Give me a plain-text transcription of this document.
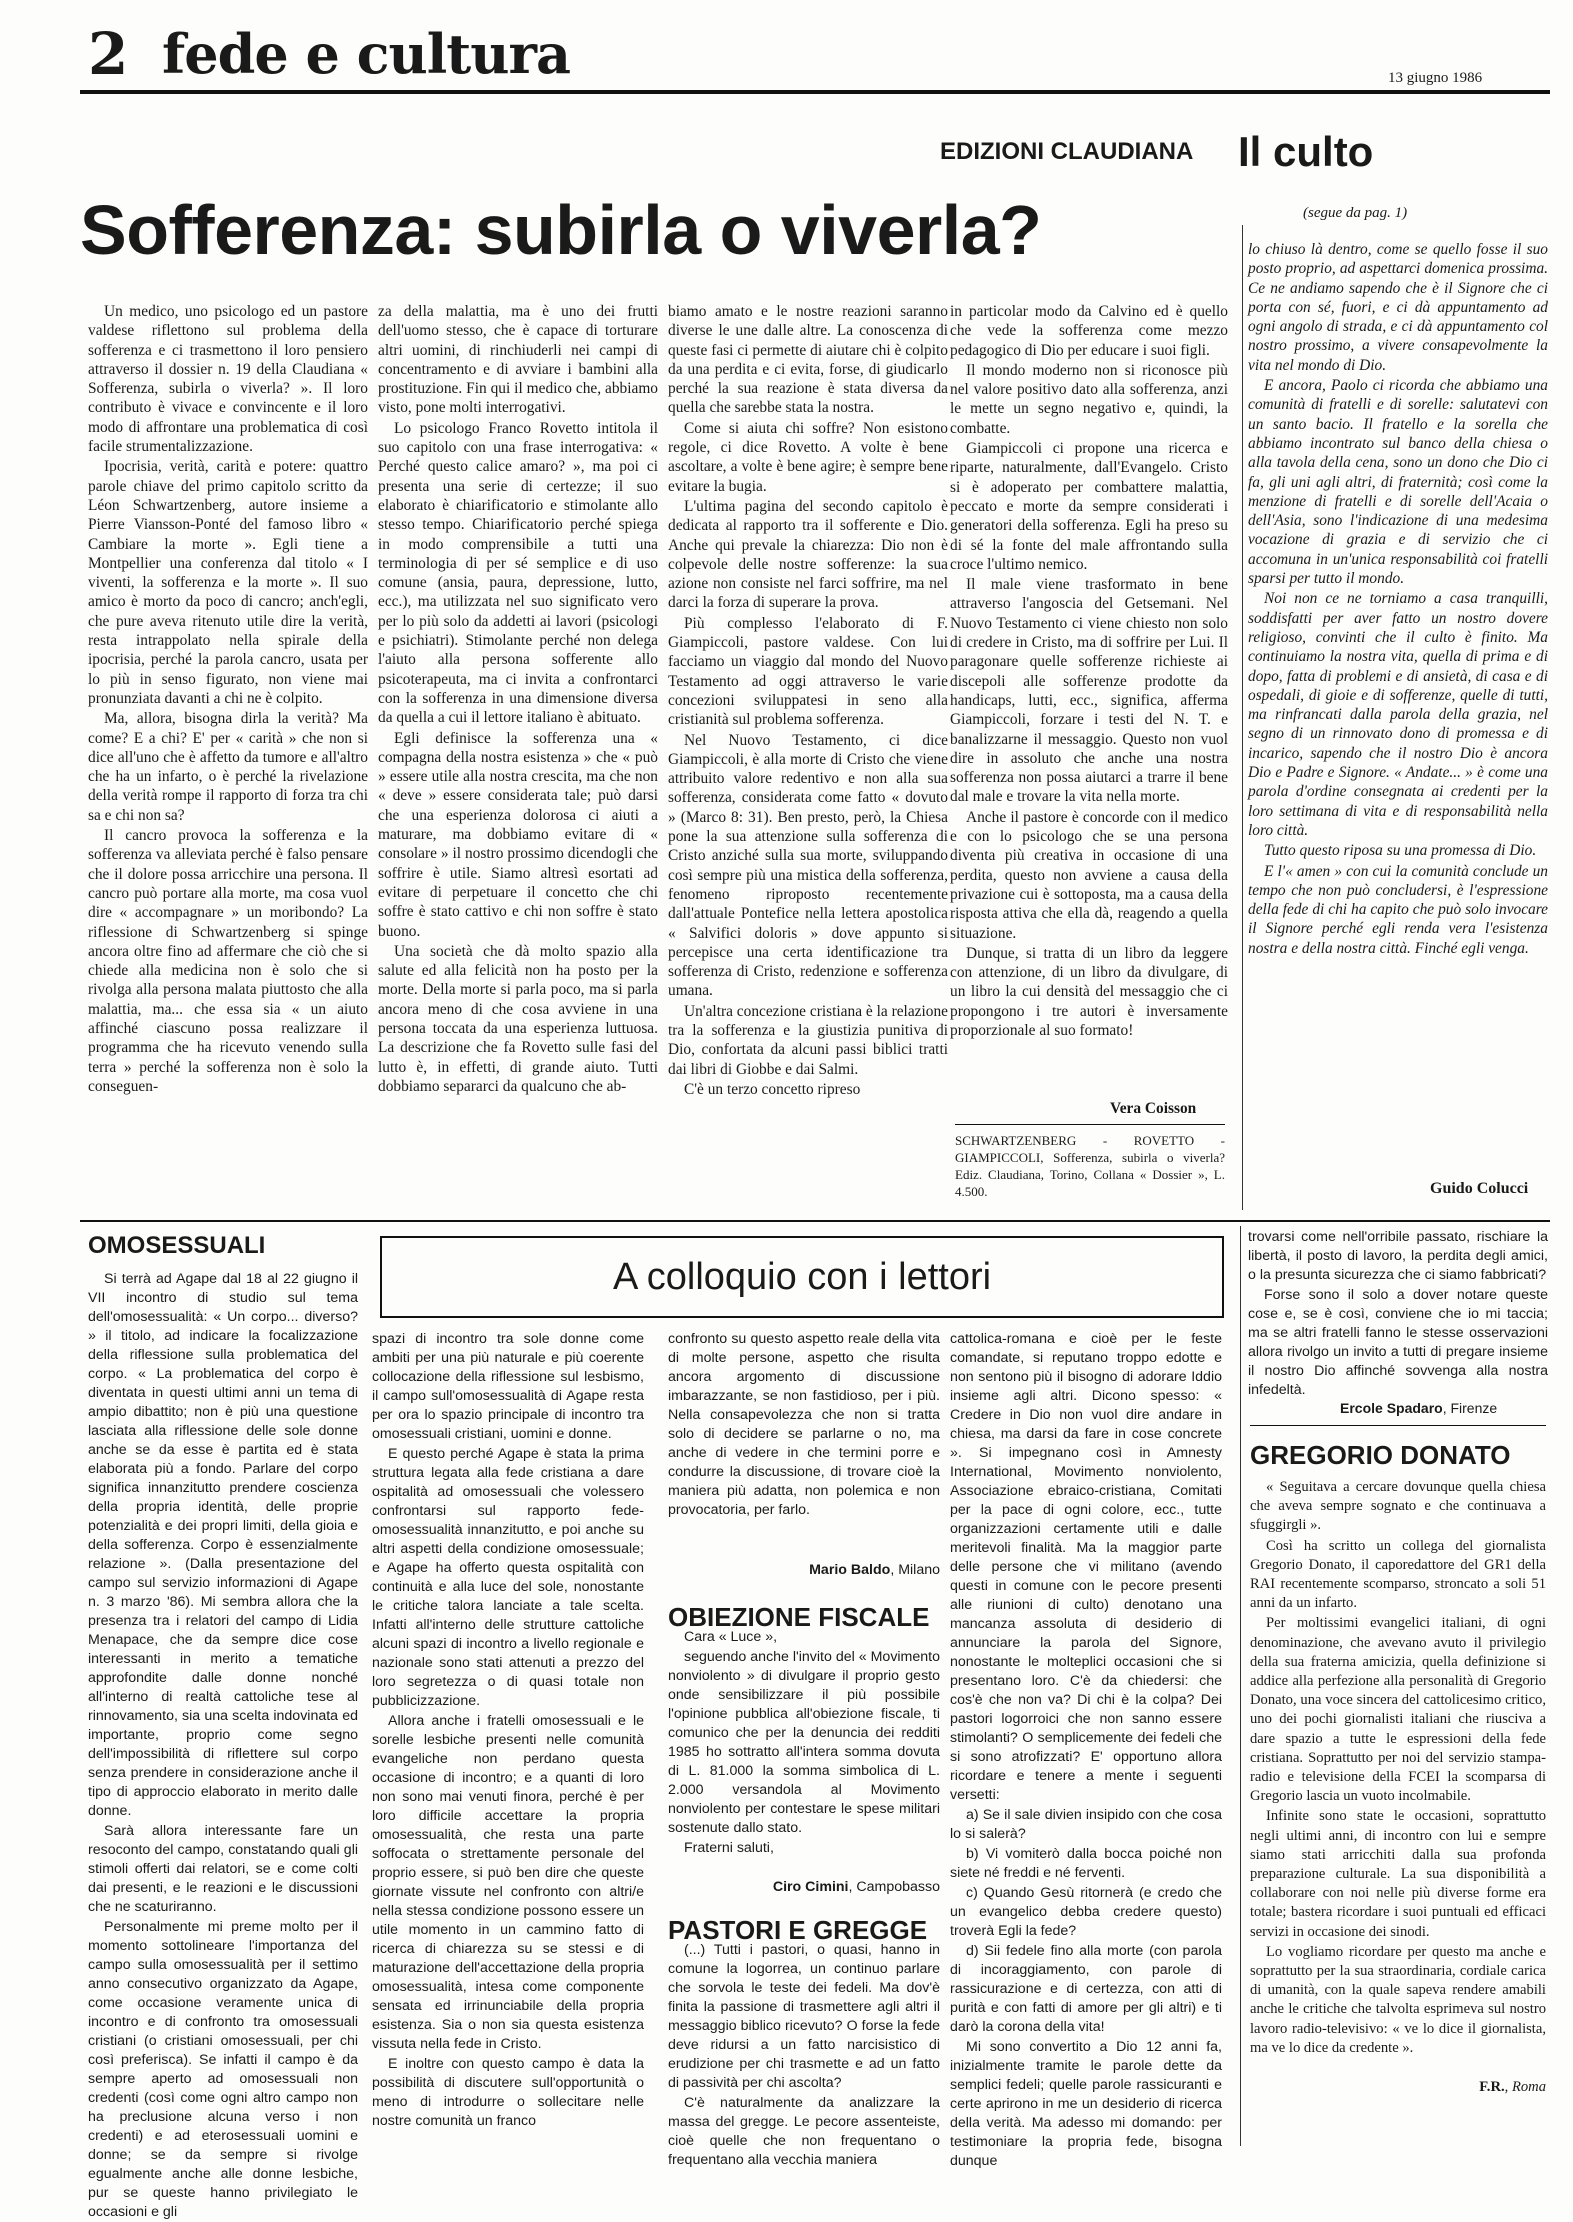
2 fede e cultura	13 giugno 1986
EDIZIONI CLAUDIANA Il culto
(segue da pag. 1)

lo chiuso là dentro, come se quello fosse il suo posto proprio, ad aspettarci domenica prossima. Ce ne andiamo sapendo che è il Signore che ci porta con sé, fuori, e ci dà appuntamento ad ogni angolo di strada, e ci dà appuntamento col nostro prossimo, a vivere consapevolmente la vita nel mondo di Dio.

E ancora, Paolo ci ricorda che abbiamo una comunità di fratelli e di sorelle: salutatevi con un santo bacio. Il fratello e la sorella che abbiamo incontrato sul banco della chiesa o alla tavola della cena, sono un dono che Dio ci fa, gli uni agli altri, di fraternità; così come la menzione di fratelli e di sorelle dell'Acaia o dell'Asia, sono l'indicazione di una medesima vocazione di grazia e di servizio che ci accomuna in un'unica responsabilità coi fratelli sparsi per tutto il mondo.

Noi non ce ne torniamo a casa tranquilli, soddisfatti per aver fatto un nostro dovere religioso, convinti che il culto è finito. Ma continuiamo la nostra vita, quella di prima e di dopo, fatta di problemi e di ansietà, di casa e di ospedali, di gioie e di sofferenze, quelle di tutti, ma rinfrancati dalla parola della grazia, nel segno di un rinnovato dono di promessa e di incarico, sapendo che il nostro Dio è ancora Dio e Padre e Signore. « Andate... » è come una parola d'ordine consegnata ai credenti per la loro settimana di vita e di responsabilità nella loro città.

Tutto questo riposa su una promessa di Dio.

E l'« amen » con cui la comunità conclude un tempo che non può concludersi, è l'espressione della fede di chi ha capito che può solo invocare il Signore perché egli renda vera l'esistenza nostra e della nostra città. Finché egli venga.

Guido Colucci
Sofferenza: subirla o viverla?

Un medico, uno psicologo ed un pastore valdese riflettono sul problema della sofferenza e ci trasmettono il loro pensiero attraverso il dossier n. 19 della Claudiana « Sofferenza, subirla o viverla? ». Il loro contributo è vivace e convincente e il loro modo di affrontare una problematica di così facile strumentalizzazione.

Ipocrisia, verità, carità e potere: quattro parole chiave del primo capitolo scritto da Léon Schwartzenberg, autore insieme a Pierre Viansson-Ponté del famoso libro « Cambiare la morte ». Egli tiene a Montpellier una conferenza dal titolo « I viventi, la sofferenza e la morte ». Il suo amico è morto da poco di cancro; anch'egli, che pure aveva ritenuto utile dire la verità, resta intrappolato nella spirale della ipocrisia, perché la parola cancro, usata per lo più in senso figurato, non viene mai pronunziata davanti a chi ne è colpito.

Ma, allora, bisogna dirla la verità? Ma come? E a chi? E' per « carità » che non si dice all'uno che è affetto da tumore e all'altro che ha un infarto, o è perché la rivelazione della verità rompe il rapporto di forza tra chi sa e chi non sa?

Il cancro provoca la sofferenza e la sofferenza va alleviata perché è falso pensare che il dolore possa arricchire una persona. Il cancro può portare alla morte, ma cosa vuol dire « accompagnare » un moribondo? La riflessione di Schwartzenberg si spinge ancora oltre fino ad affermare che ciò che si chiede alla medicina non è solo che si rivolga alla persona malata piuttosto che alla malattia, ma... che essa sia « un aiuto affinché ciascuno possa realizzare il programma che ha ricevuto venendo sulla terra » perché la sofferenza non è solo la conseguen-

za della malattia, ma è uno dei frutti dell'uomo stesso, che è capace di torturare altri uomini, di rinchiuderli nei campi di concentramento e di avviare i bambini alla prostituzione. Fin qui il medico che, abbiamo visto, pone molti interrogativi.

Lo psicologo Franco Rovetto intitola il suo capitolo con una frase interrogativa: « Perché questo calice amaro? », ma poi ci presenta una serie di certezze; il suo elaborato è chiarificatorio e stimolante allo stesso tempo. Chiarificatorio perché spiega in modo comprensibile a tutti una terminologia di per sé semplice e di uso comune (ansia, paura, depressione, lutto, ecc.), ma utilizzata nel suo significato vero per lo più solo da addetti ai lavori (psicologi e psichiatri). Stimolante perché non delega l'aiuto alla persona sofferente allo psicoterapeuta, ma ci invita a confrontarci con la sofferenza in una dimensione diversa da quella a cui il lettore italiano è abituato.

Egli definisce la sofferenza una « compagna della nostra esistenza » che « può » essere utile alla nostra crescita, ma che non « deve » essere considerata tale; può darsi che una esperienza dolorosa ci aiuti a maturare, ma dobbiamo evitare di « consolare » il nostro prossimo dicendogli che soffrire è utile. Siamo altresì esortati ad evitare di perpetuare il concetto che chi soffre è stato cattivo e chi non soffre è stato buono.

Una società che dà molto spazio alla salute ed alla felicità non ha posto per la morte. Della morte si parla poco, ma si parla ancora meno di che cosa avviene in una persona toccata da una esperienza luttuosa. La descrizione che fa Rovetto sulle fasi del lutto è, in effetti, di grande aiuto. Tutti dobbiamo separarci da qualcuno che ab-

biamo amato e le nostre reazioni saranno diverse le une dalle altre. La conoscenza di queste fasi ci permette di aiutare chi è colpito da una perdita e ci evita, forse, di giudicarlo perché la sua reazione è stata diversa da quella che sarebbe stata la nostra.

Come si aiuta chi soffre? Non esistono regole, ci dice Rovetto. A volte è bene ascoltare, a volte è bene agire; è sempre bene evitare la bugia.

L'ultima pagina del secondo capitolo è dedicata al rapporto tra il sofferente e Dio. Anche qui prevale la chiarezza: Dio non è colpevole delle nostre sofferenze: la sua azione non consiste nel farci soffrire, ma nel darci la forza di superare la prova.

Più complesso l'elaborato di F. Giampiccoli, pastore valdese. Con lui facciamo un viaggio dal mondo del Nuovo Testamento ad oggi attraverso le varie concezioni sviluppatesi in seno alla cristianità sul problema sofferenza.

Nel Nuovo Testamento, ci dice Giampiccoli, è alla morte di Cristo che viene attribuito valore redentivo e non alla sua sofferenza, considerata come fatto « dovuto » (Marco 8: 31). Ben presto, però, la Chiesa pone la sua attenzione sulla sofferenza di Cristo anziché sulla sua morte, sviluppando così sempre più una mistica della sofferenza, fenomeno riproposto recentemente dall'attuale Pontefice nella lettera apostolica « Salvifici doloris » dove appunto si percepisce una certa identificazione tra sofferenza di Cristo, redenzione e sofferenza umana.

Un'altra concezione cristiana è la relazione tra la sofferenza e la giustizia punitiva di Dio, confortata da alcuni passi biblici tratti dai libri di Giobbe e dai Salmi.

C'è un terzo concetto ripreso

in particolar modo da Calvino ed è quello che vede la sofferenza come mezzo pedagogico di Dio per educare i suoi figli.

Il mondo moderno non si riconosce più nel valore positivo dato alla sofferenza, anzi le mette un segno negativo e, quindi, la combatte.

Giampiccoli ci propone una ricerca e riparte, naturalmente, dall'Evangelo. Cristo si è adoperato per combattere malattia, peccato e morte da sempre considerati i generatori della sofferenza. Egli ha preso su di sé la fonte del male affrontando sulla croce l'ultimo nemico.

Il male viene trasformato in bene attraverso l'angoscia del Getsemani. Nel Nuovo Testamento ci viene chiesto non solo di credere in Cristo, ma di soffrire per Lui. Il paragonare quelle sofferenze richieste ai discepoli alle sofferenze prodotte da handicaps, lutti, ecc., significa, afferma Giampiccoli, forzare i testi del N. T. e banalizzarne il messaggio. Questo non vuol dire in assoluto che anche una nostra sofferenza non possa aiutarci a trarre il bene dal male e trovare la vita nella morte.

Anche il pastore è concorde con il medico e con lo psicologo che se una persona diventa più creativa in occasione di una perdita, questo non avviene a causa della privazione cui è sottoposta, ma a causa della risposta attiva che ella dà, reagendo a quella situazione.

Dunque, si tratta di un libro da leggere con attenzione, di un libro da divulgare, di un libro la cui densità del messaggio che ci propongono i tre autori è inversamente proporzionale al suo formato!

Vera Coisson
SCHWARTZENBERG - ROVETTO - GIAMPICCOLI, Sofferenza, subirla o viverla? Ediz. Claudiana, Torino, Collana « Dossier », L. 4.500.
A colloquio con i lettori
OMOSESSUALI

Si terrà ad Agape dal 18 al 22 giugno il VII incontro di studio sul tema dell'omosessualità: « Un corpo... diverso? » il titolo, ad indicare la focalizzazione della riflessione sulla problematica del corpo. « La problematica del corpo è diventata in questi ultimi anni un tema di ampio dibattito; non è più una questione lasciata alla riflessione delle sole donne anche se da esse è partita ed è stata elaborata più a fondo. Parlare del corpo significa innanzitutto prendere coscienza della propria identità, delle proprie potenzialità e dei propri limiti, della gioia e della sofferenza. Corpo è essenzialmente relazione ». (Dalla presentazione del campo sul servizio informazioni di Agape n. 3 marzo '86). Mi sembra allora che la presenza tra i relatori del campo di Lidia Menapace, che da sempre dice cose interessanti in merito a tematiche approfondite dalle donne nonché all'interno di realtà cattoliche tese al rinnovamento, sia una scelta indovinata ed importante, proprio come segno dell'impossibilità di riflettere sul corpo senza prendere in considerazione anche il tipo di approccio elaborato in merito dalle donne.

Sarà allora interessante fare un resoconto del campo, constatando quali gli stimoli offerti dai relatori, se e come colti dai presenti, e le reazioni e le discussioni che ne scaturiranno.

Personalmente mi preme molto per il momento sottolineare l'importanza del campo sulla omosessualità per il settimo anno consecutivo organizzato da Agape, come occasione veramente unica di incontro e di confronto tra omosessuali cristiani (o cristiani omosessuali, per chi così preferisca). Se infatti il campo è da sempre aperto ad omosessuali non credenti (così come ogni altro campo non ha preclusione alcuna verso i non credenti) e ad eterosessuali uomini e donne; se da sempre si rivolge egualmente anche alle donne lesbiche, pur se queste hanno privilegiato le occasioni e gli

spazi di incontro tra sole donne come ambiti per una più naturale e più coerente collocazione della riflessione sul lesbismo, il campo sull'omosessualità di Agape resta per ora lo spazio principale di incontro tra omosessuali cristiani, uomini e donne.

E questo perché Agape è stata la prima struttura legata alla fede cristiana a dare ospitalità ad omosessuali che volessero confrontarsi sul rapporto fede-omosessualità innanzitutto, e poi anche su altri aspetti della condizione omosessuale; e Agape ha offerto questa ospitalità con continuità e alla luce del sole, nonostante le critiche talora lanciate a tale scelta. Infatti all'interno delle strutture cattoliche alcuni spazi di incontro a livello regionale e nazionale sono stati attenuti a prezzo del loro segretezza o di quasi totale non pubblicizzazione.

Allora anche i fratelli omosessuali e le sorelle lesbiche presenti nelle comunità evangeliche non perdano questa occasione di incontro; e a quanti di loro non sono mai venuti finora, perché è per loro difficile accettare la propria omosessualità, che resta una parte soffocata o strettamente personale del proprio essere, si può ben dire che queste giornate vissute nel confronto con altri/e nella stessa condizione possono essere un utile momento in un cammino fatto di ricerca di chiarezza su se stessi e di maturazione dell'accettazione della propria omosessualità, intesa come componente sensata ed irrinunciabile della propria esistenza. Sia o non sia questa esistenza vissuta nella fede in Cristo.

E inoltre con questo campo è data la possibilità di discutere sull'opportunità o meno di introdurre o sollecitare nelle nostre comunità un franco

confronto su questo aspetto reale della vita di molte persone, aspetto che risulta ancora argomento di discussione imbarazzante, se non fastidioso, per i più. Nella consapevolezza che non si tratta solo di decidere se parlarne o no, ma anche di vedere in che termini porre e condurre la discussione, di trovare cioè la maniera più adatta, non polemica e non provocatoria, per farlo.

Mario Baldo, Milano

OBIEZIONE FISCALE

Cara « Luce »,

seguendo anche l'invito del « Movimento nonviolento » di divulgare il proprio gesto onde sensibilizzare il più possibile l'opinione pubblica all'obiezione fiscale, ti comunico che per la denuncia dei redditi 1985 ho sottratto all'intera somma dovuta di L. 81.000 la somma simbolica di L. 2.000 versandola al Movimento nonviolento per contestare le spese militari sostenute dallo stato.

Fraterni saluti,

Ciro Cimini, Campobasso

PASTORI E GREGGE

(...) Tutti i pastori, o quasi, hanno in comune la logorrea, un continuo parlare che sorvola le teste dei fedeli. Ma dov'è finita la passione di trasmettere agli altri il messaggio biblico ricevuto? O forse la fede deve ridursi a un fatto narcisistico di erudizione per chi trasmette e ad un fatto di passività per chi ascolta?

C'è naturalmente da analizzare la massa del gregge. Le pecore assenteiste, cioè quelle che non frequentano o frequentano alla vecchia maniera

cattolica-romana e cioè per le feste comandate, si reputano troppo edotte e non sentono più il bisogno di adorare Iddio insieme agli altri. Dicono spesso: « Credere in Dio non vuol dire andare in chiesa, ma darsi da fare in cose concrete ». Si impegnano così in Amnesty International, Movimento nonviolento, Associazione ebraico-cristiana, Comitati per la pace di ogni colore, ecc., tutte organizzazioni certamente utili e dalle meritevoli finalità. Ma la maggior parte delle persone che vi militano (avendo questi in comune con le pecore presenti alle riunioni di culto) denotano una mancanza assoluta di desiderio di annunciare la parola del Signore, nonostante le molteplici occasioni che si presentano loro. C'è da chiedersi: che cos'è che non va? Di chi è la colpa? Dei pastori logorroici che non sanno essere stimolanti? O semplicemente dei fedeli che si sono atrofizzati? E' opportuno allora ricordare e tenere a mente i seguenti versetti:

a) Se il sale divien insipido con che cosa lo si salerà?

b) Vi vomiterò dalla bocca poiché non siete né freddi e né ferventi.

c) Quando Gesù ritornerà (e credo che un evangelico debba credere questo) troverà Egli la fede?

d) Sii fedele fino alla morte (con parola di incoraggiamento, con parole di rassicurazione e di certezza, con atti di purità e con fatti di amore per gli altri) e ti darò la corona della vita!

Mi sono convertito a Dio 12 anni fa, inizialmente tramite le parole dette da semplici fedeli; quelle parole rassicuranti e certe aprirono in me un desiderio di ricerca della verità. Ma adesso mi domando: per testimoniare la propria fede, bisogna dunque

trovarsi come nell'orribile passato, rischiare la libertà, il posto di lavoro, la perdita degli amici, o la presunta sicurezza che ci siamo fabbricati?

Forse sono il solo a dover notare queste cose e, se è così, conviene che io mi taccia; ma se altri fratelli fanno le stesse osservazioni allora rivolgo un invito a tutti di pregare insieme il nostro Dio affinché sovvenga alla nostra infedeltà.

Ercole Spadaro, Firenze
GREGORIO DONATO

« Seguitava a cercare dovunque quella chiesa che aveva sempre sognato e che continuava a sfuggirgli ».

Così ha scritto un collega del giornalista Gregorio Donato, il caporedattore del GR1 della RAI recentemente scomparso, stroncato a soli 51 anni da un infarto.

Per moltissimi evangelici italiani, di ogni denominazione, che avevano avuto il privilegio della sua fraterna amicizia, quella definizione si addice alla perfezione alla personalità di Gregorio Donato, una voce sincera del cattolicesimo critico, uno dei pochi giornalisti italiani che riusciva a dare spazio a tutte le espressioni della fede cristiana. Soprattutto per noi del servizio stampa-radio e televisione della FCEI la scomparsa di Gregorio lascia un vuoto incolmabile.

Infinite sono state le occasioni, soprattutto negli ultimi anni, di incontro con lui e sempre siamo stati arricchiti dalla sua profonda preparazione culturale. La sua disponibilità a collaborare con noi nelle più diverse forme era totale; bastera ricordare i suoi puntuali ed efficaci servizi in occasione dei sinodi.

Lo vogliamo ricordare per questo ma anche e soprattutto per la sua straordinaria, cordiale carica di umanità, con la quale sapeva rendere amabili anche le critiche che talvolta esprimeva sul nostro lavoro radio-televisivo: « ve lo dice il giornalista, ma ve lo dice da credente ».

F.R., Roma
